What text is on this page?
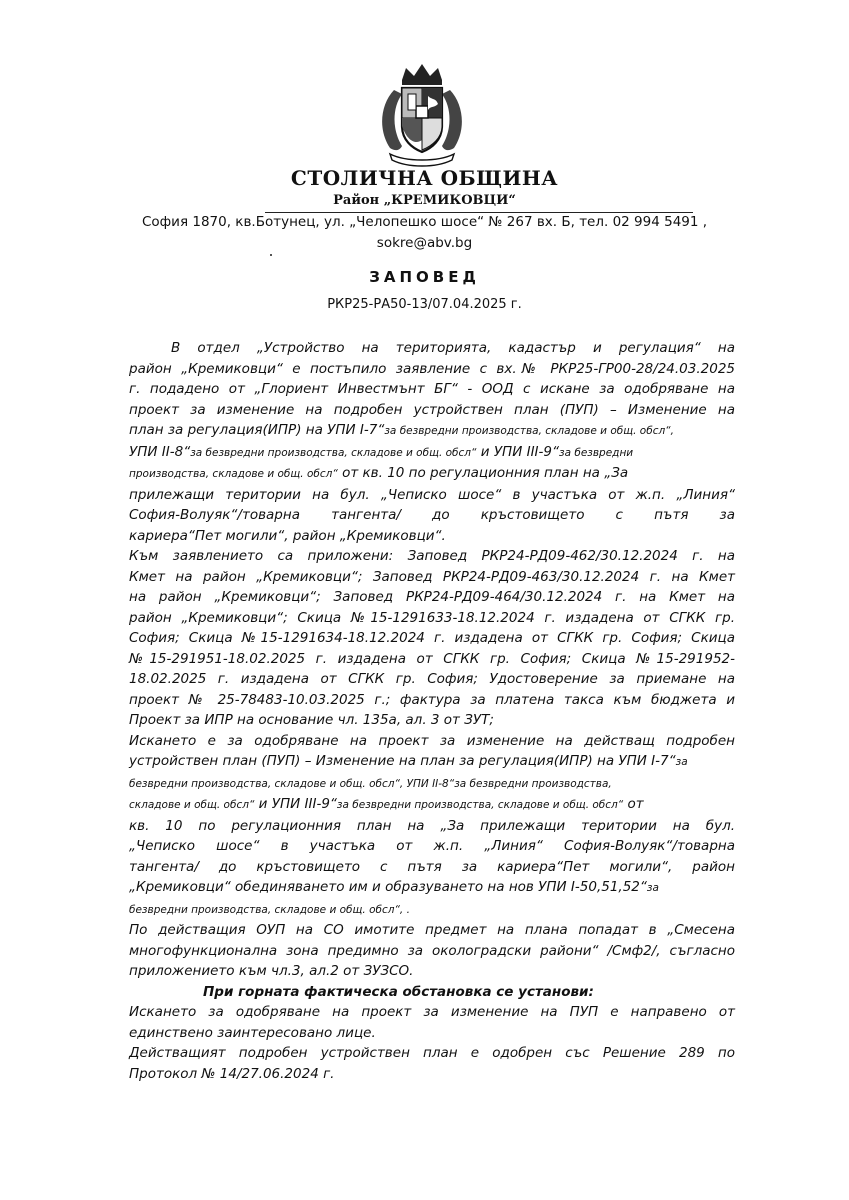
СТОЛИЧНА ОБЩИНА
Район „КРЕМИКОВЦИ“
София 1870, кв.Ботунец, ул. „Челопешко шосе“ № 267 вх. Б, тел. 02 994 5491 ,
sokre@abv.bg
ЗАПОВЕД
РКР25-РА50-13/07.04.2025 г.
В отдел „Устройство на територията, кадастър и регулация“ на
район „Кремиковци“ е постъпило заявление с вх.№ РКР25-ГР00-28/24.03.2025
г. подадено от „Глориент Инвестмънт БГ“ - ООД с искане за одобряване на
проект за изменение на подробен устройствен план (ПУП) – Изменение на
план за регулация(ИПР) на УПИ I-7“за безвредни производства, складове и общ. обсл“,
УПИ II-8“за безвредни производства, складове и общ. обсл“ и УПИ III-9“за безвредни
производства, складове и общ. обсл“ от кв. 10 по регулационния план на „За
прилежащи територии на бул. „Чеписко шосе“ в участъка от ж.п. „Линия“
София-Волуяк“/товарна тангента/ до кръстовището с пътя за
кариера“Пет могили“, район „Кремиковци“.
Към заявлението са приложени: Заповед РКР24-РД09-462/30.12.2024 г. на
Кмет на район „Кремиковци“; Заповед РКР24-РД09-463/30.12.2024 г. на Кмет
на район „Кремиковци“; Заповед РКР24-РД09-464/30.12.2024 г. на Кмет на
район „Кремиковци“; Скица №15-1291633-18.12.2024 г. издадена от СГКК гр.
София; Скица №15-1291634-18.12.2024 г. издадена от СГКК гр. София; Скица
№15-291951-18.02.2025 г. издадена от СГКК гр. София; Скица №15-291952-
18.02.2025 г. издадена от СГКК гр. София; Удостоверение за приемане на
проект № 25-78483-10.03.2025 г.; фактура за платена такса към бюджета и
Проект за ИПР на основание чл. 135а, ал. 3 от ЗУТ;
Искането е за одобряване на проект за изменение на действащ подробен
устройствен план (ПУП) – Изменение на план за регулация(ИПР) на УПИ I-7“за
безвредни производства, складове и общ. обсл“, УПИ II-8“за безвредни производства,
складове и общ. обсл“ и УПИ III-9“за безвредни производства, складове и общ. обсл“ от
кв. 10 по регулационния план на „За прилежащи територии на бул.
„Чеписко шосе“ в участъка от ж.п. „Линия“ София-Волуяк“/товарна
тангента/ до кръстовището с пътя за кариера“Пет могили“, район
„Кремиковци“ обединяването им и образуването на нов УПИ I-50,51,52“за
безвредни производства, складове и общ. обсл“, .
По действащия ОУП на СО имотите предмет на плана попадат в „Смесена
многофункционална зона предимно за околоградски райони“ /Смф2/, съгласно
приложението към чл.3, ал.2 от ЗУЗСО.
При горната фактическа обстановка се установи:
Искането за одобряване на проект за изменение на ПУП е направено от
единствено заинтересовано лице.
Действащият подробен устройствен план е одобрен със Решение 289 по
Протокол № 14/27.06.2024 г.
